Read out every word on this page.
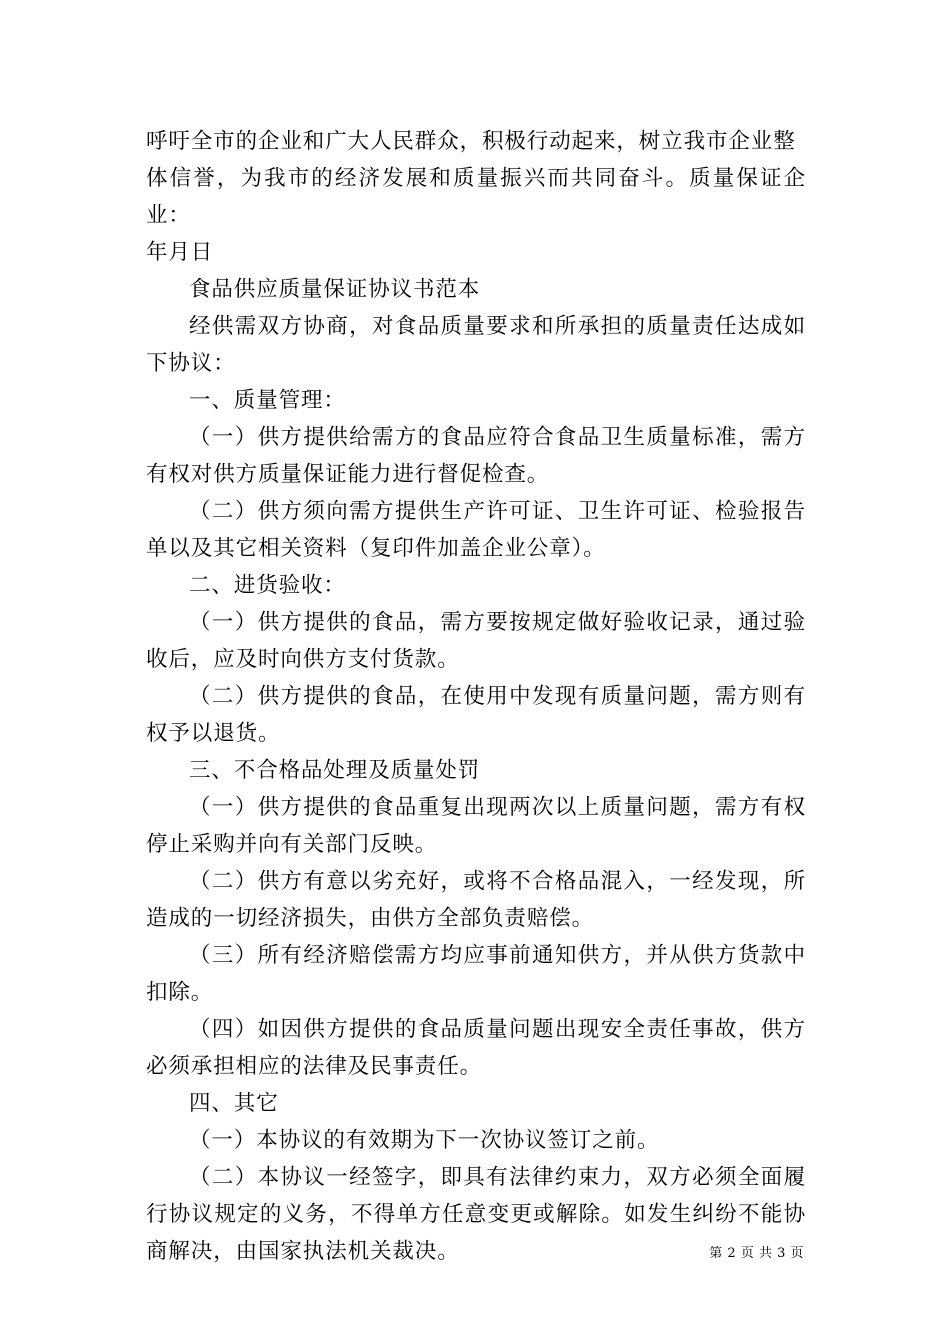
呼吁全市的企业和广大人民群众，积极行动起来，树立我市企业整
体信誉，为我市的经济发展和质量振兴而共同奋斗。质量保证企业：
年月日

食品供应质量保证协议书范本

经供需双方协商，对食品质量要求和所承担的质量责任达成如下协议：

一、质量管理：

（一）供方提供给需方的食品应符合食品卫生质量标准，需方有权对供方质量保证能力进行督促检查。

（二）供方须向需方提供生产许可证、卫生许可证、检验报告单以及其它相关资料（复印件加盖企业公章）。

二、进货验收：

（一）供方提供的食品，需方要按规定做好验收记录，通过验收后，应及时向供方支付货款。

（二）供方提供的食品，在使用中发现有质量问题，需方则有权予以退货。

三、不合格品处理及质量处罚

（一）供方提供的食品重复出现两次以上质量问题，需方有权停止采购并向有关部门反映。

（二）供方有意以劣充好，或将不合格品混入，一经发现，所造成的一切经济损失，由供方全部负责赔偿。

（三）所有经济赔偿需方均应事前通知供方，并从供方货款中扣除。

（四）如因供方提供的食品质量问题出现安全责任事故，供方必须承担相应的法律及民事责任。

四、其它

（一）本协议的有效期为下一次协议签订之前。

（二）本协议一经签字，即具有法律约束力，双方必须全面履行协议规定的义务，不得单方任意变更或解除。如发生纠纷不能协商解决，由国家执法机关裁决。	第 2 页 共 3 页
